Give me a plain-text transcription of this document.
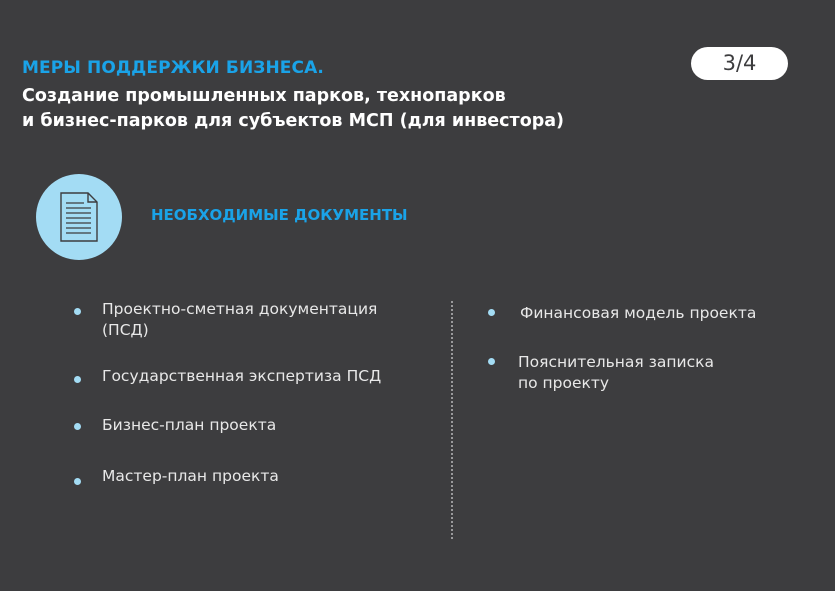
МЕРЫ ПОДДЕРЖКИ БИЗНЕСА.
Создание промышленных парков, технопарков
и бизнес-парков для субъектов МСП (для инвестора)
3/4
НЕОБХОДИМЫЕ ДОКУМЕНТЫ
Проектно-сметная документация
(ПСД)
Государственная экспертиза ПСД
Бизнес-план проекта
Мастер-план проекта
Финансовая модель проекта
Пояснительная записка
по проекту
